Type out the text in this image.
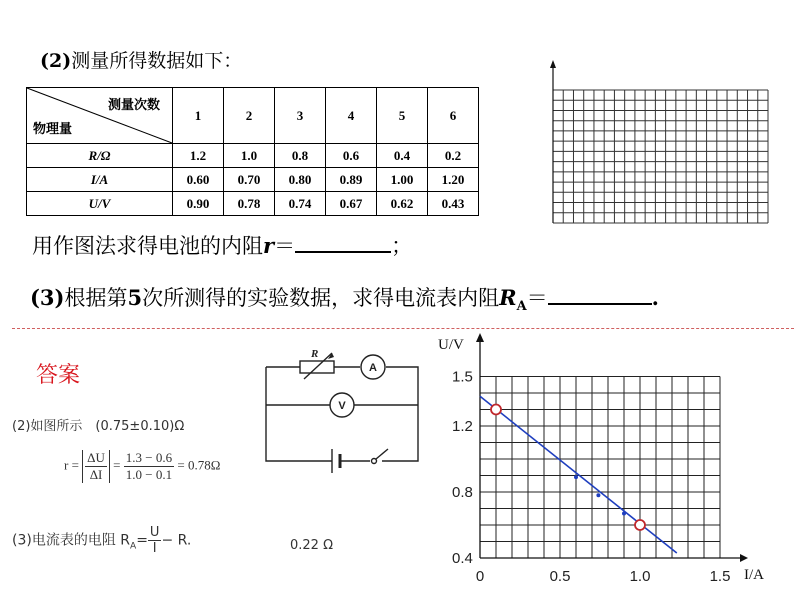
(2)测量所得数据如下：
测量次数
物理量	1	2	3	4	5	6
R/Ω	1.2	1.0	0.8	0.6	0.4	0.2
I/A	0.60	0.70	0.80	0.89	1.00	1.20
U/V	0.90	0.78	0.74	0.67	0.62	0.43
用作图法求得电池的内阻r＝	；
(3)根据第5次所测得的实验数据，求得电流表内阻$R_A=$	.
答案
R
A
V
(2)如图所示　(0.75±0.10)Ω
$r = \frac{\Delta U}{\Delta I} = \frac{1.3 - 0.6}{1.0 - 0.1} = 0.78\Omega$
(3)电流表的电阻 $R_A= \frac{U}{I} - R$.	0.22 Ω
U/V
I/A
0.4
0.8
1.2
1.5
0	0.5	1.0	1.5
